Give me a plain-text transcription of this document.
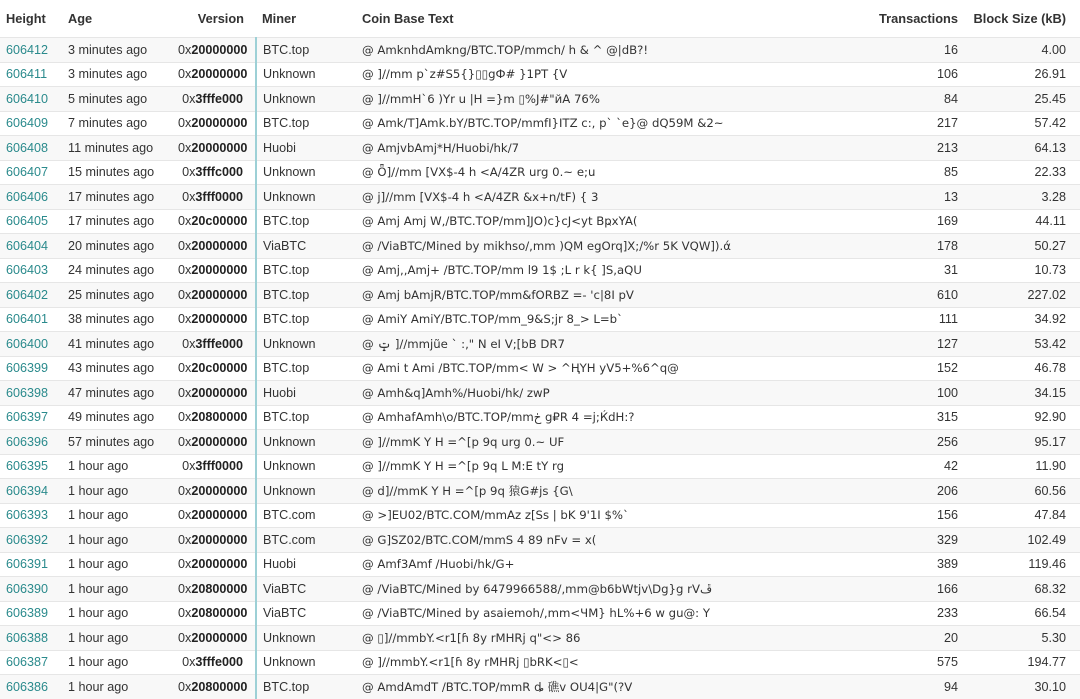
Height	Age	Version	Miner	Coin Base Text	Transactions	Block Size (kB)
606412	3 minutes ago	0x20000000	BTC.top	@ AmknhdAmkng/BTC.TOP/mmch/ h & ^ @|dB?!	16	4.00
606411	3 minutes ago	0x20000000	Unknown	@ ]//mm p`z#S5{}▯▯gФ# }1PT {V	106	26.91
606410	5 minutes ago	0x3fffe000	Unknown	@ ]//mmH`6 )Yr u |H =}m ▯%J#"йА 76%	84	25.45
606409	7 minutes ago	0x20000000	BTC.top	@ Amk/T]Amk.bY/BTC.TOP/mmfI}ITZ c:, p` `e}@ dQ59M &2~	217	57.42
606408	11 minutes ago	0x20000000	Huobi	@ AmjvbAmj*H/Huobi/hk/7	213	64.13
606407	15 minutes ago	0x3fffc000	Unknown	@ Ȫ]//mm [VX$-4 h <A/4ZR urg 0.~ e;u	85	22.33
606406	17 minutes ago	0x3fff0000	Unknown	@ j]//mm [VX$-4 h <A/4ZR &x+n/tF) { 3	13	3.28
606405	17 minutes ago	0x20c00000	BTC.top	@ Amj Amj W,/BTC.TOP/mm]JO)c}cJ<yt BҏxYA(	169	44.11
606404	20 minutes ago	0x20000000	ViaBTC	@ /ViaBTC/Mined by mikhso/,mm )QM egOrq]X;/%r 5K VQW]).ά	178	50.27
606403	24 minutes ago	0x20000000	BTC.top	@ Amj,,Amj+ /BTC.TOP/mm l9 1$ ;L r k{ ]S,aQU	31	10.73
606402	25 minutes ago	0x20000000	BTC.top	@ Amj bAmjR/BTC.TOP/mm&fORBZ =- 'c|8I pV	610	227.02
606401	38 minutes ago	0x20000000	BTC.top	@ AmiY AmiY/BTC.TOP/mm_9&S;jr 8_> L=b`	111	34.92
606400	41 minutes ago	0x3fffe000	Unknown	@ ݓ ]//mmjũe ` :," N eI V;[bB DR7	127	53.42
606399	43 minutes ago	0x20c00000	BTC.top	@ Ami t Ami /BTC.TOP/mm< W > ^ҢYH yV5+%6^q@	152	46.78
606398	47 minutes ago	0x20000000	Huobi	@ Amh&q]Amh%/Huobi/hk/ zwP	100	34.15
606397	49 minutes ago	0x20800000	BTC.top	@ AmhafAmh\o/BTC.TOP/mmڂ g₽R 4 =j;ЌdH:?	315	92.90
606396	57 minutes ago	0x20000000	Unknown	@ ]//mmK Y H =^[p 9q urg 0.~ UF	256	95.17
606395	1 hour ago	0x3fff0000	Unknown	@ ]//mmK Y H =^[p 9q L M:E tY rg	42	11.90
606394	1 hour ago	0x20000000	Unknown	@ d]//mmK Y H =^[p 9q 猿G#js {G\	206	60.56
606393	1 hour ago	0x20000000	BTC.com	@ >]EU02/BTC.COM/mmAz z[Ss | bK 9'1I $%`	156	47.84
606392	1 hour ago	0x20000000	BTC.com	@ G]SZ02/BTC.COM/mmS 4 89 nFv = x(	329	102.49
606391	1 hour ago	0x20000000	Huobi	@ Amf3Amf /Huobi/hk/G+	389	119.46
606390	1 hour ago	0x20800000	ViaBTC	@ /ViaBTC/Mined by 6479966588/,mm@b6bWtjv\Dg}g rVڦ	166	68.32
606389	1 hour ago	0x20800000	ViaBTC	@ /ViaBTC/Mined by asaiemoh/,mm<ЧМ} hL%+6 w gu@: Y	233	66.54
606388	1 hour ago	0x20000000	Unknown	@ ▯]//mmbY.<r1[ɦ 8y rMHRj q"<> 86	20	5.30
606387	1 hour ago	0x3fffe000	Unknown	@ ]//mmbY.<r1[ɦ 8y rMHRj ▯bRK<▯<	575	194.77
606386	1 hour ago	0x20800000	BTC.top	@ AmdAmdT /BTC.TOP/mmR ȡ 礁v OU4|G"(?V	94	30.10
